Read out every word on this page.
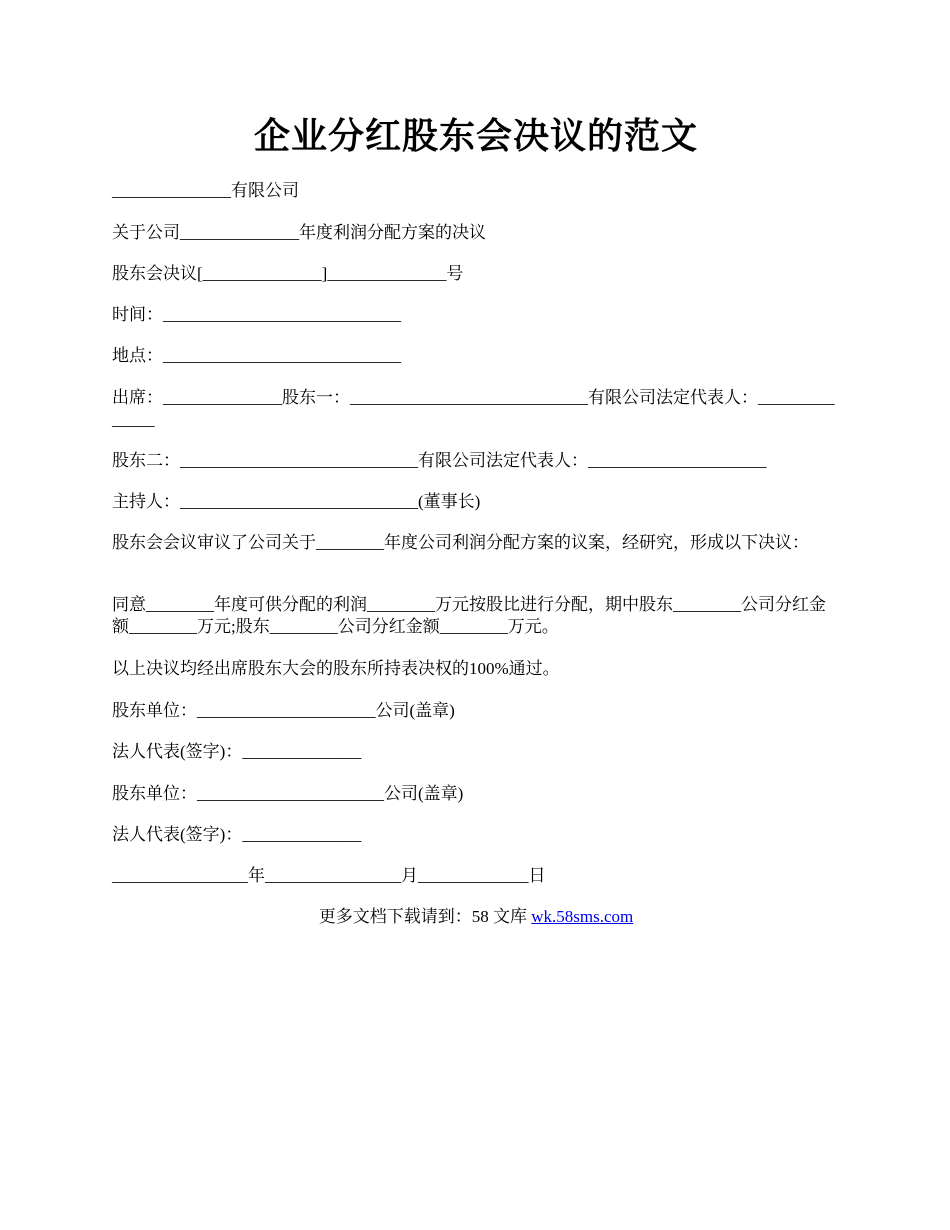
企业分红股东会决议的范文

______________有限公司

关于公司______________年度利润分配方案的决议

股东会决议[______________]______________号

时间：____________________________

地点：____________________________

出席：______________股东一：____________________________有限公司法定代表人：______________

股东二：____________________________有限公司法定代表人：_____________________

主持人：____________________________(董事长)

股东会会议审议了公司关于________年度公司利润分配方案的议案，经研究，形成以下决议：

同意________年度可供分配的利润________万元按股比进行分配，期中股东________公司分红金额________万元;股东________公司分红金额________万元。

以上决议均经出席股东大会的股东所持表决权的100%通过。

股东单位：_____________________公司(盖章)

法人代表(签字)：______________

股东单位：______________________公司(盖章)

法人代表(签字)：______________

________________年________________月_____________日

更多文档下载请到：58 文库 wk.58sms.com
